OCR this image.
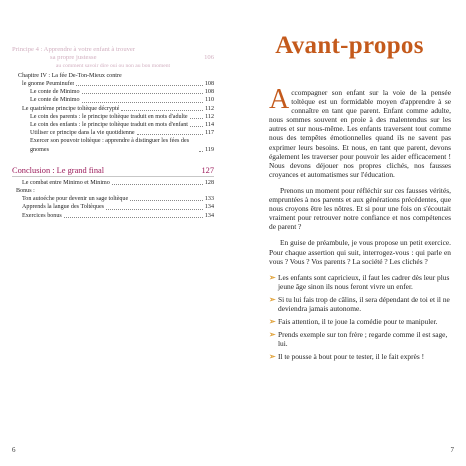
Principe 4 : Apprendre à votre enfant à trouver
sa propre justesse	106
au comment savoir dire oui ou non au bon moment
Chapitre IV : La fée De-Ton-Mieux contre
le gnome Peuminufer	108
Le conte de Minimo	108
Le conte de Minimo	110
Le quatrième principe toltèque décrypté	112
Le coin des parents : le principe toltèque traduit en mots d'adulte	112
Le coin des enfants : le principe toltèque traduit en mots d'enfant	114
Utiliser ce principe dans la vie quotidienne	117
Exercer son pouvoir toltèque : apprendre à distinguer les fées des gnomes	119
Conclusion : Le grand final	127
Le combat entre Minimo et Minimo	128
Bonus :
Ton autoéche pour devenir un sage toltèque	133
Apprends la langue des Toltèques	134
Exercices bonus	134
6
Avant-propos

Accompagner son enfant sur la voie de la pensée toltèque est un formidable moyen d'apprendre à se connaître en tant que parent. Enfant comme adulte, nous sommes souvent en proie à des malentendus sur les autres et sur nous-même. Les enfants traversent tout comme nous des tempêtes émotionnelles quand ils ne savent pas exprimer leurs besoins. Et nous, en tant que parent, devons également les traverser pour pouvoir les aider efficacement ! Nous devons déjouer nos propres clichés, nos fausses croyances et automatismes sur l'éducation.

Prenons un moment pour réfléchir sur ces fausses vérités, empruntées à nos parents et aux générations précédentes, que nous croyons être les nôtres. Et si pour une fois on s'écoutait vraiment pour retrouver notre confiance et nos compétences de parent ?

En guise de préambule, je vous propose un petit exercice. Pour chaque assertion qui suit, interrogez-vous : qui parle en vous ? Vous ? Vos parents ? La société ? Les clichés ?

➢ Les enfants sont capricieux, il faut les cadrer dès leur plus jeune âge sinon ils nous feront vivre un enfer.
➢ Si tu lui fais trop de câlins, il sera dépendant de toi et il ne deviendra jamais autonome.
➢ Fais attention, il te joue la comédie pour te manipuler.
➢ Prends exemple sur ton frère ; regarde comme il est sage, lui.
➢ Il te pousse à bout pour te tester, il le fait exprès !
7
